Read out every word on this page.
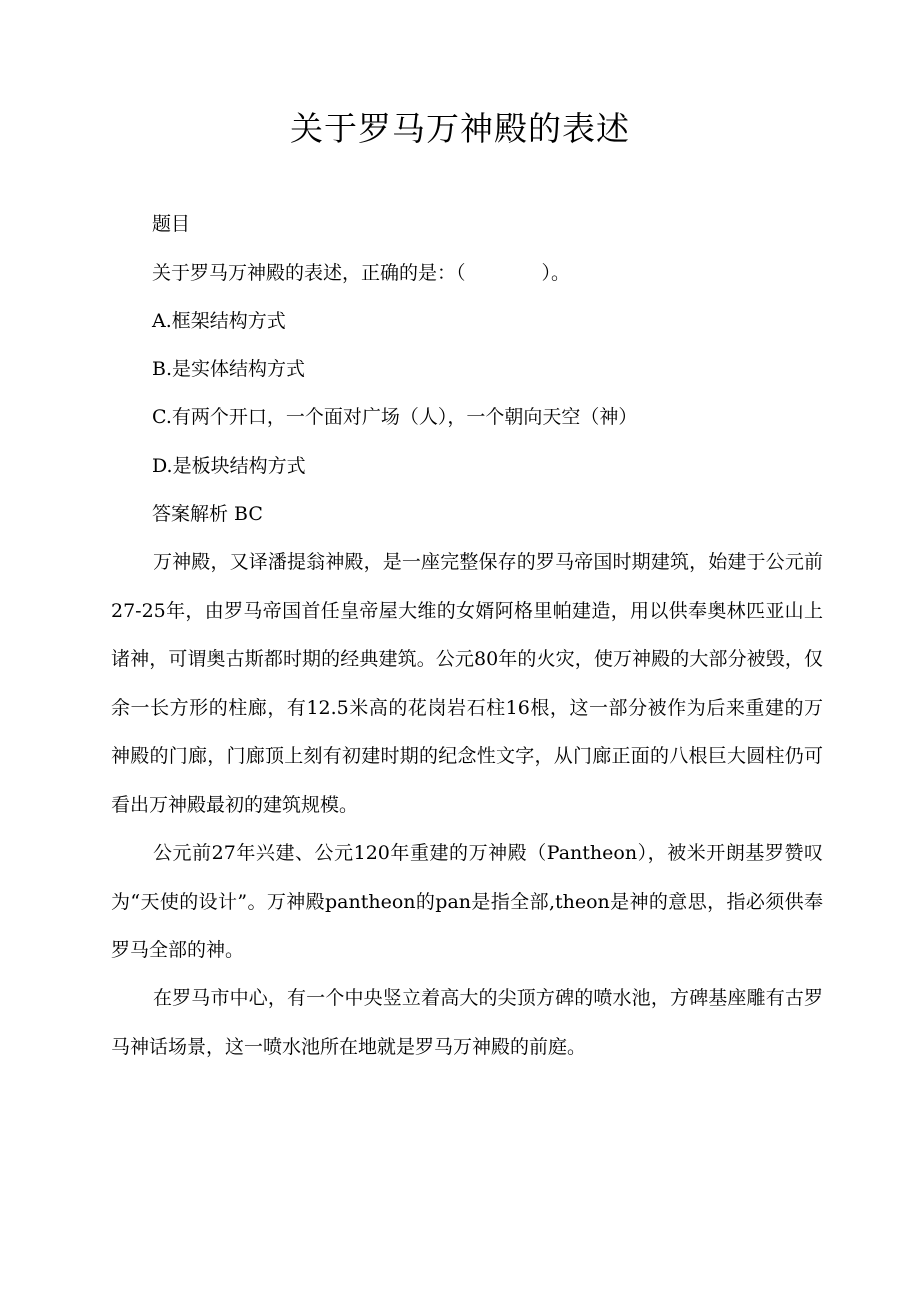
关于罗马万神殿的表述
题目
关于罗马万神殿的表述，正确的是：（　　　　）。
A.框架结构方式
B.是实体结构方式
C.有两个开口，一个面对广场（人），一个朝向天空（神）
D.是板块结构方式
答案解析 BC

万神殿，又译潘提翁神殿，是一座完整保存的罗马帝国时期建筑，始建于公元前27-25年，由罗马帝国首任皇帝屋大维的女婿阿格里帕建造，用以供奉奥林匹亚山上诸神，可谓奥古斯都时期的经典建筑。公元80年的火灾，使万神殿的大部分被毁，仅余一长方形的柱廊，有12.5米高的花岗岩石柱16根，这一部分被作为后来重建的万神殿的门廊，门廊顶上刻有初建时期的纪念性文字，从门廊正面的八根巨大圆柱仍可看出万神殿最初的建筑规模。

公元前27年兴建、公元120年重建的万神殿（Pantheon），被米开朗基罗赞叹为“天使的设计”。万神殿pantheon的pan是指全部,theon是神的意思，指必须供奉罗马全部的神。

在罗马市中心，有一个中央竖立着高大的尖顶方碑的喷水池，方碑基座雕有古罗马神话场景，这一喷水池所在地就是罗马万神殿的前庭。
